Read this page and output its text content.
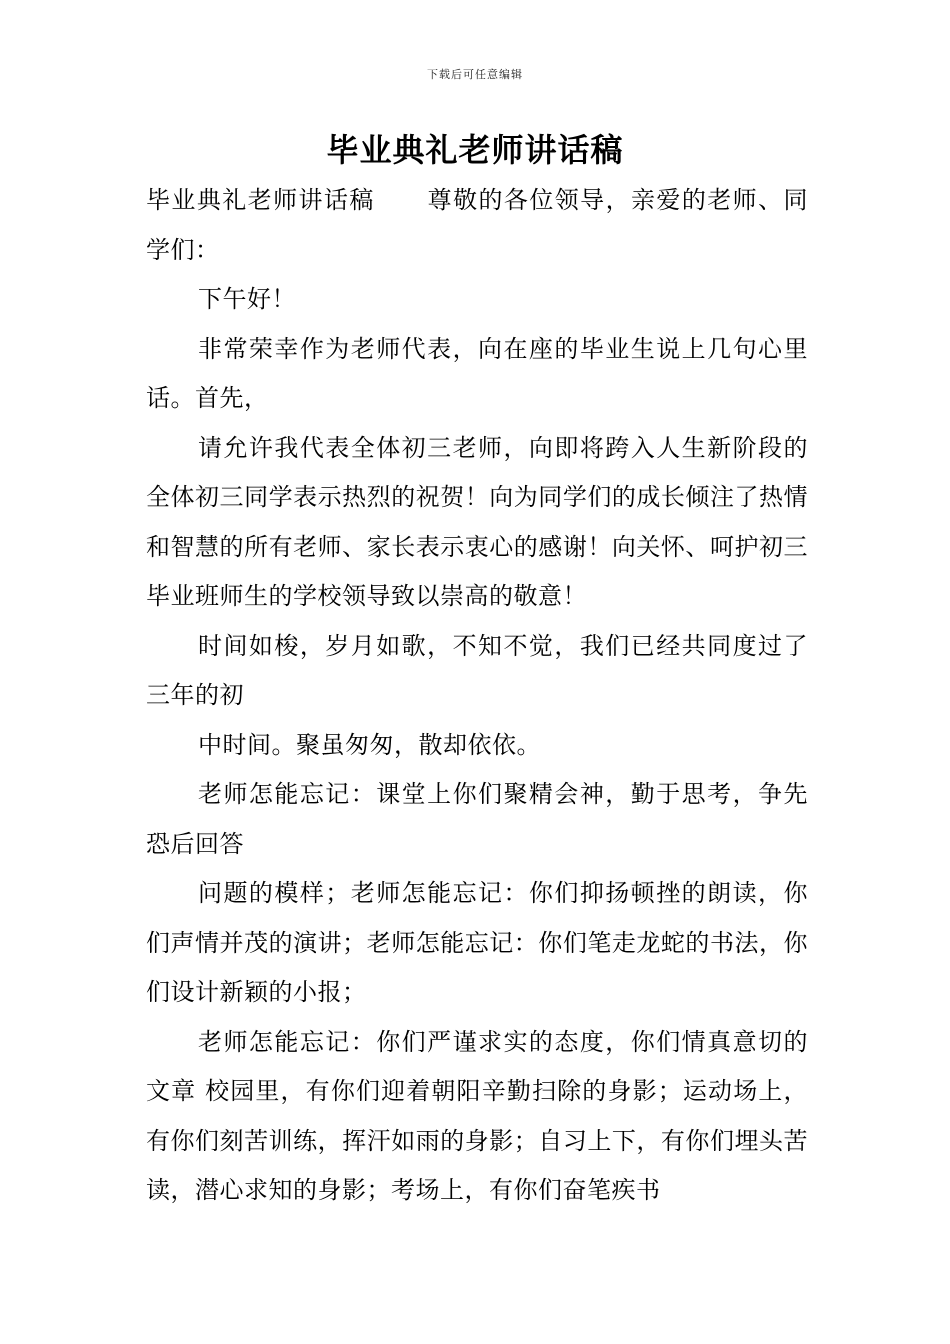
下载后可任意编辑
毕业典礼老师讲话稿

毕业典礼老师讲话稿 尊敬的各位领导，亲爱的老师、同学们：

下午好！

非常荣幸作为老师代表，向在座的毕业生说上几句心里话。首先，

请允许我代表全体初三老师，向即将跨入人生新阶段的全体初三同学表示热烈的祝贺！向为同学们的成长倾注了热情和智慧的所有老师、家长表示衷心的感谢！向关怀、呵护初三毕业班师生的学校领导致以崇高的敬意！

时间如梭，岁月如歌，不知不觉，我们已经共同度过了三年的初

中时间。聚虽匆匆，散却依依。

老师怎能忘记：课堂上你们聚精会神，勤于思考，争先恐后回答

问题的模样；老师怎能忘记：你们抑扬顿挫的朗读，你们声情并茂的演讲；老师怎能忘记：你们笔走龙蛇的书法，你们设计新颖的小报；

老师怎能忘记：你们严谨求实的态度，你们情真意切的文章 校园里，有你们迎着朝阳辛勤扫除的身影；运动场上，有你们刻苦训练，挥汗如雨的身影；自习上下，有你们埋头苦读，潜心求知的身影；考场上，有你们奋笔疾书
